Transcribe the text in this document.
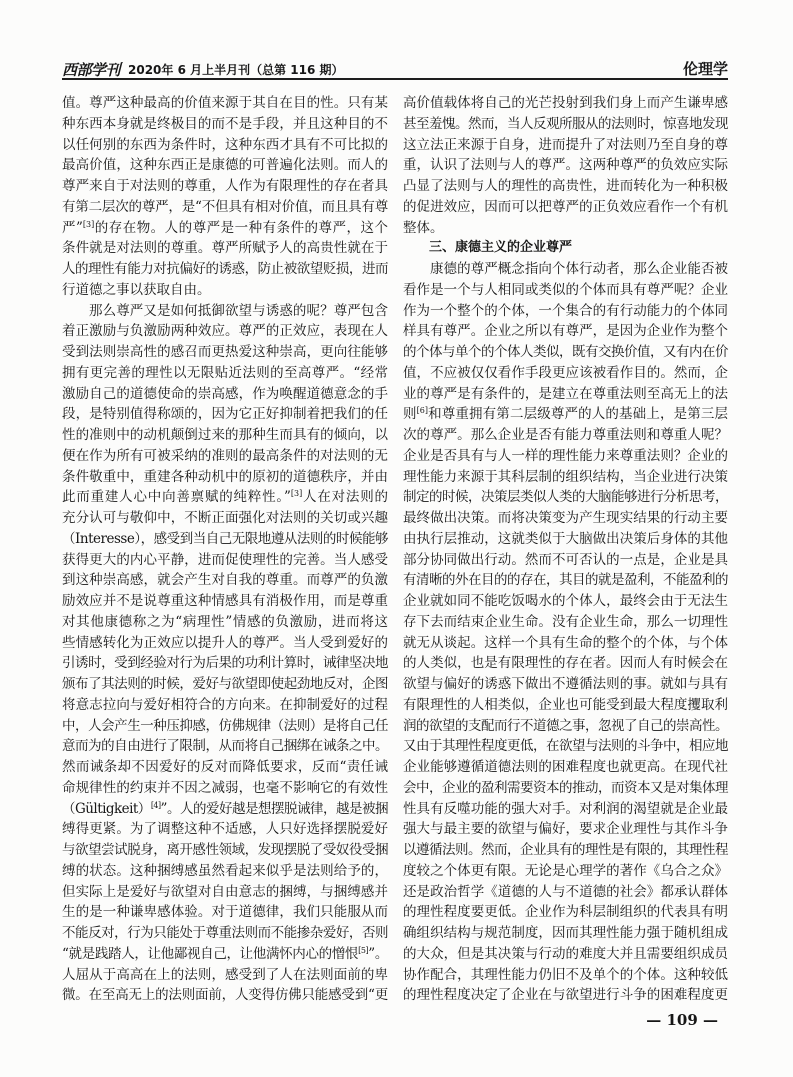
西部学刊 2020年 6 月上半月刊（总第 116 期）	伦理学
值。尊严这种最高的价值来源于其自在目的性。只有某
种东西本身就是终极目的而不是手段，并且这种目的不
以任何别的东西为条件时，这种东西才具有不可比拟的
最高价值，这种东西正是康德的可普遍化法则。而人的
尊严来自于对法则的尊重，人作为有限理性的存在者具
有第二层次的尊严，是“不但具有相对价值，而且具有尊
严”[3]的存在物。人的尊严是一种有条件的尊严，这个
条件就是对法则的尊重。尊严所赋予人的高贵性就在于
人的理性有能力对抗偏好的诱惑，防止被欲望贬损，进而
行道德之事以获取自由。
那么尊严又是如何抵御欲望与诱惑的呢？尊严包含
着正激励与负激励两种效应。尊严的正效应，表现在人
受到法则崇高性的感召而更热爱这种崇高，更向往能够
拥有更完善的理性以无限贴近法则的至高尊严。“经常
激励自己的道德使命的崇高感，作为唤醒道德意念的手
段，是特别值得称颂的，因为它正好抑制着把我们的任
性的准则中的动机颠倒过来的那种生而具有的倾向，以
便在作为所有可被采纳的准则的最高条件的对法则的无
条件敬重中，重建各种动机中的原初的道德秩序，并由
此而重建人心中向善禀赋的纯粹性。”[3]人在对法则的
充分认可与敬仰中，不断正面强化对法则的关切或兴趣
（Interesse），感受到当自己无限地遵从法则的时候能够
获得更大的内心平静，进而促使理性的完善。当人感受
到这种崇高感，就会产生对自我的尊重。而尊严的负激
励效应并不是说尊重这种情感具有消极作用，而是尊重
对其他康德称之为“病理性”情感的负激励，进而将这
些情感转化为正效应以提升人的尊严。当人受到爱好的
引诱时，受到经验对行为后果的功利计算时，诫律坚决地
颁布了其法则的时候，爱好与欲望即使起劲地反对，企图
将意志拉向与爱好相符合的方向来。在抑制爱好的过程
中，人会产生一种压抑感，仿佛规律（法则）是将自己任
意而为的自由进行了限制，从而将自己捆绑在诫条之中。
然而诫条却不因爱好的反对而降低要求，反而“责任诫
命规律性的约束并不因之减弱，也毫不影响它的有效性
（Gültigkeit）[4]”。人的爱好越是想摆脱诫律，越是被捆
缚得更紧。为了调整这种不适感，人只好选择摆脱爱好
与欲望尝试脱身，离开感性领域，发现摆脱了受奴役受捆
缚的状态。这种捆缚感虽然看起来似乎是法则给予的，
但实际上是爱好与欲望对自由意志的捆缚，与捆缚感并
生的是一种谦卑感体验。对于道德律，我们只能服从而
不能反对，行为只能处于尊重法则而不能掺杂爱好，否则
“就是践踏人，让他鄙视自己，让他满怀内心的憎恨[5]”。
人屈从于高高在上的法则，感受到了人在法则面前的卑
微。在至高无上的法则面前，人变得仿佛只能感受到“更
高价值载体将自己的光芒投射到我们身上而产生谦卑感
甚至羞愧。然而，当人反观所服从的法则时，惊喜地发现
这立法正来源于自身，进而提升了对法则乃至自身的尊
重，认识了法则与人的尊严。这两种尊严的负效应实际
凸显了法则与人的理性的高贵性，进而转化为一种积极
的促进效应，因而可以把尊严的正负效应看作一个有机
整体。
三、康德主义的企业尊严
康德的尊严概念指向个体行动者，那么企业能否被
看作是一个与人相同或类似的个体而具有尊严呢？企业
作为一个整个的个体，一个集合的有行动能力的个体同
样具有尊严。企业之所以有尊严，是因为企业作为整个
的个体与单个的个体人类似，既有交换价值，又有内在价
值，不应被仅仅看作手段更应该被看作目的。然而，企
业的尊严是有条件的，是建立在尊重法则至高无上的法
则[6]和尊重拥有第二层级尊严的人的基础上，是第三层
次的尊严。那么企业是否有能力尊重法则和尊重人呢？
企业是否具有与人一样的理性能力来尊重法则？企业的
理性能力来源于其科层制的组织结构，当企业进行决策
制定的时候，决策层类似人类的大脑能够进行分析思考，
最终做出决策。而将决策变为产生现实结果的行动主要
由执行层推动，这就类似于大脑做出决策后身体的其他
部分协同做出行动。然而不可否认的一点是，企业是具
有清晰的外在目的的存在，其目的就是盈利，不能盈利的
企业就如同不能吃饭喝水的个体人，最终会由于无法生
存下去而结束企业生命。没有企业生命，那么一切理性
就无从谈起。这样一个具有生命的整个的个体，与个体
的人类似，也是有限理性的存在者。因而人有时候会在
欲望与偏好的诱惑下做出不遵循法则的事。就如与具有
有限理性的人相类似，企业也可能受到最大程度攫取利
润的欲望的支配而行不道德之事，忽视了自己的崇高性。
又由于其理性程度更低，在欲望与法则的斗争中，相应地
企业能够遵循道德法则的困难程度也就更高。在现代社
会中，企业的盈利需要资本的推动，而资本又是对集体理
性具有反噬功能的强大对手。对利润的渴望就是企业最
强大与最主要的欲望与偏好，要求企业理性与其作斗争
以遵循法则。然而，企业具有的理性是有限的，其理性程
度较之个体更有限。无论是心理学的著作《乌合之众》
还是政治哲学《道德的人与不道德的社会》都承认群体
的理性程度要更低。企业作为科层制组织的代表具有明
确组织结构与规范制度，因而其理性能力强于随机组成
的大众，但是其决策与行动的难度大并且需要组织成员
协作配合，其理性能力仍旧不及单个的个体。这种较低
的理性程度决定了企业在与欲望进行斗争的困难程度更
— 109 —
